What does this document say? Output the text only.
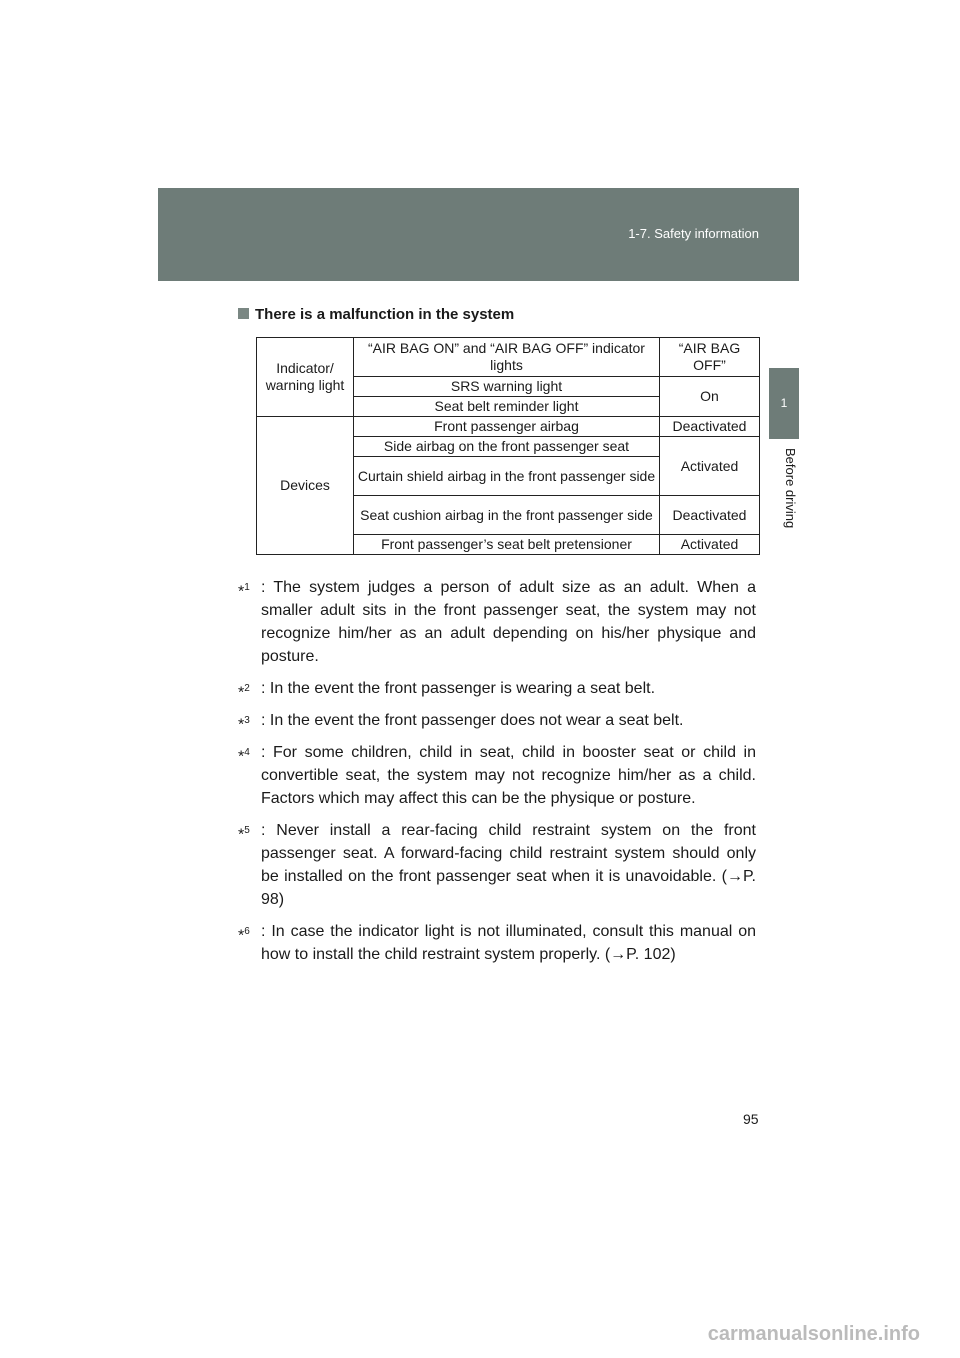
1-7. Safety information
1
Before driving
There is a malfunction in the system
Indicator/ warning light	“AIR BAG ON” and “AIR BAG OFF” indicator lights	“AIR BAG OFF”
	SRS warning light	On
	Seat belt reminder light	
Devices	Front passenger airbag	Deactivated
	Side airbag on the front passenger seat	Activated
	Curtain shield airbag in the front passenger side	
	Seat cushion airbag in the front passenger side	Deactivated
	Front passenger’s seat belt pretensioner	Activated
*$^1$ : The system judges a person of adult size as an adult. When a smaller adult sits in the front passenger seat, the system may not recognize him/her as an adult depending on his/her physique and posture.
*$^2$ : In the event the front passenger is wearing a seat belt.
*$^3$ : In the event the front passenger does not wear a seat belt.
*$^4$ : For some children, child in seat, child in booster seat or child in convertible seat, the system may not recognize him/her as a child. Factors which may affect this can be the physique or posture.
*$^5$ : Never install a rear-facing child restraint system on the front passenger seat. A forward-facing child restraint system should only be installed on the front passenger seat when it is unavoidable. (→P. 98)
*$^6$ : In case the indicator light is not illuminated, consult this manual on how to install the child restraint system properly. (→P. 102)
95
carmanualsonline.info
